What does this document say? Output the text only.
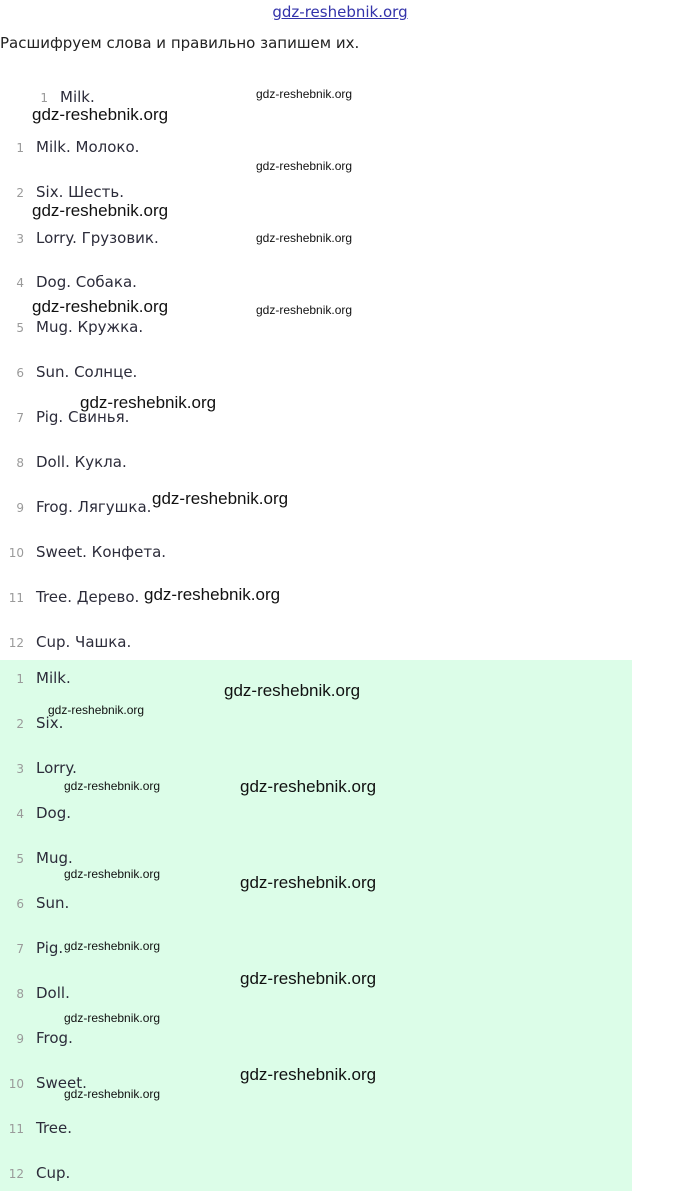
gdz-reshebnik.org
Расшифруем слова и правильно запишем их.
1 Milk.
1 Milk. Молоко.
2 Six. Шесть.
3 Lorry. Грузовик.
4 Dog. Собака.
5 Mug. Кружка.
6 Sun. Солнце.
7 Pig. Свинья.
8 Doll. Кукла.
9 Frog. Лягушка.
10 Sweet. Конфета.
11 Tree. Дерево.
12 Cup. Чашка.
1 Milk.
2 Six.
3 Lorry.
4 Dog.
5 Mug.
6 Sun.
7 Pig.
8 Doll.
9 Frog.
10 Sweet.
11 Tree.
12 Cup.
gdz-reshebnik.org
gdz-reshebnik.org
gdz-reshebnik.org
gdz-reshebnik.org
gdz-reshebnik.org
gdz-reshebnik.org	gdz-reshebnik.org
gdz-reshebnik.org
gdz-reshebnik.org
gdz-reshebnik.org
gdz-reshebnik.org
gdz-reshebnik.org
gdz-reshebnik.org
gdz-reshebnik.org
gdz-reshebnik.org	gdz-reshebnik.org
gdz-reshebnik.org
gdz-reshebnik.org
gdz-reshebnik.org
gdz-reshebnik.org
gdz-reshebnik.org
